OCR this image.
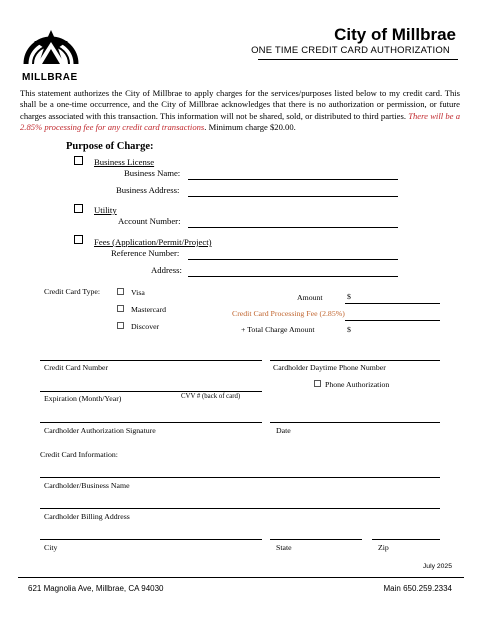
MILLBRAE
City of Millbrae
ONE TIME CREDIT CARD AUTHORIZATION
This statement authorizes the City of Millbrae to apply charges for the services/purposes listed below to my credit card. This shall be a one-time occurrence, and the City of Millbrae acknowledges that there is no authorization or permission, or future charges associated with this transaction. This information will not be shared, sold, or distributed to third parties. There will be a 2.85% processing fee for any credit card transactions. Minimum charge $20.00.
Purpose of Charge:
Business License
Business Name:
Business Address:
Utility
Account Number:
Fees (Application/Permit/Project)
Reference Number:
Address:
Credit Card Type:	Visa
Mastercard
Discover
Amount	$
Credit Card Processing Fee (2.85%)
+ Total Charge Amount	$
Credit Card Number	Cardholder Daytime Phone Number
Phone Authorization
Expiration (Month/Year)	CVV # (back of card)
Cardholder Authorization Signature	Date
Credit Card Information:
Cardholder/Business Name
Cardholder Billing Address
City	State	Zip
July 2025
621 Magnolia Ave, Millbrae, CA 94030	Main 650.259.2334
